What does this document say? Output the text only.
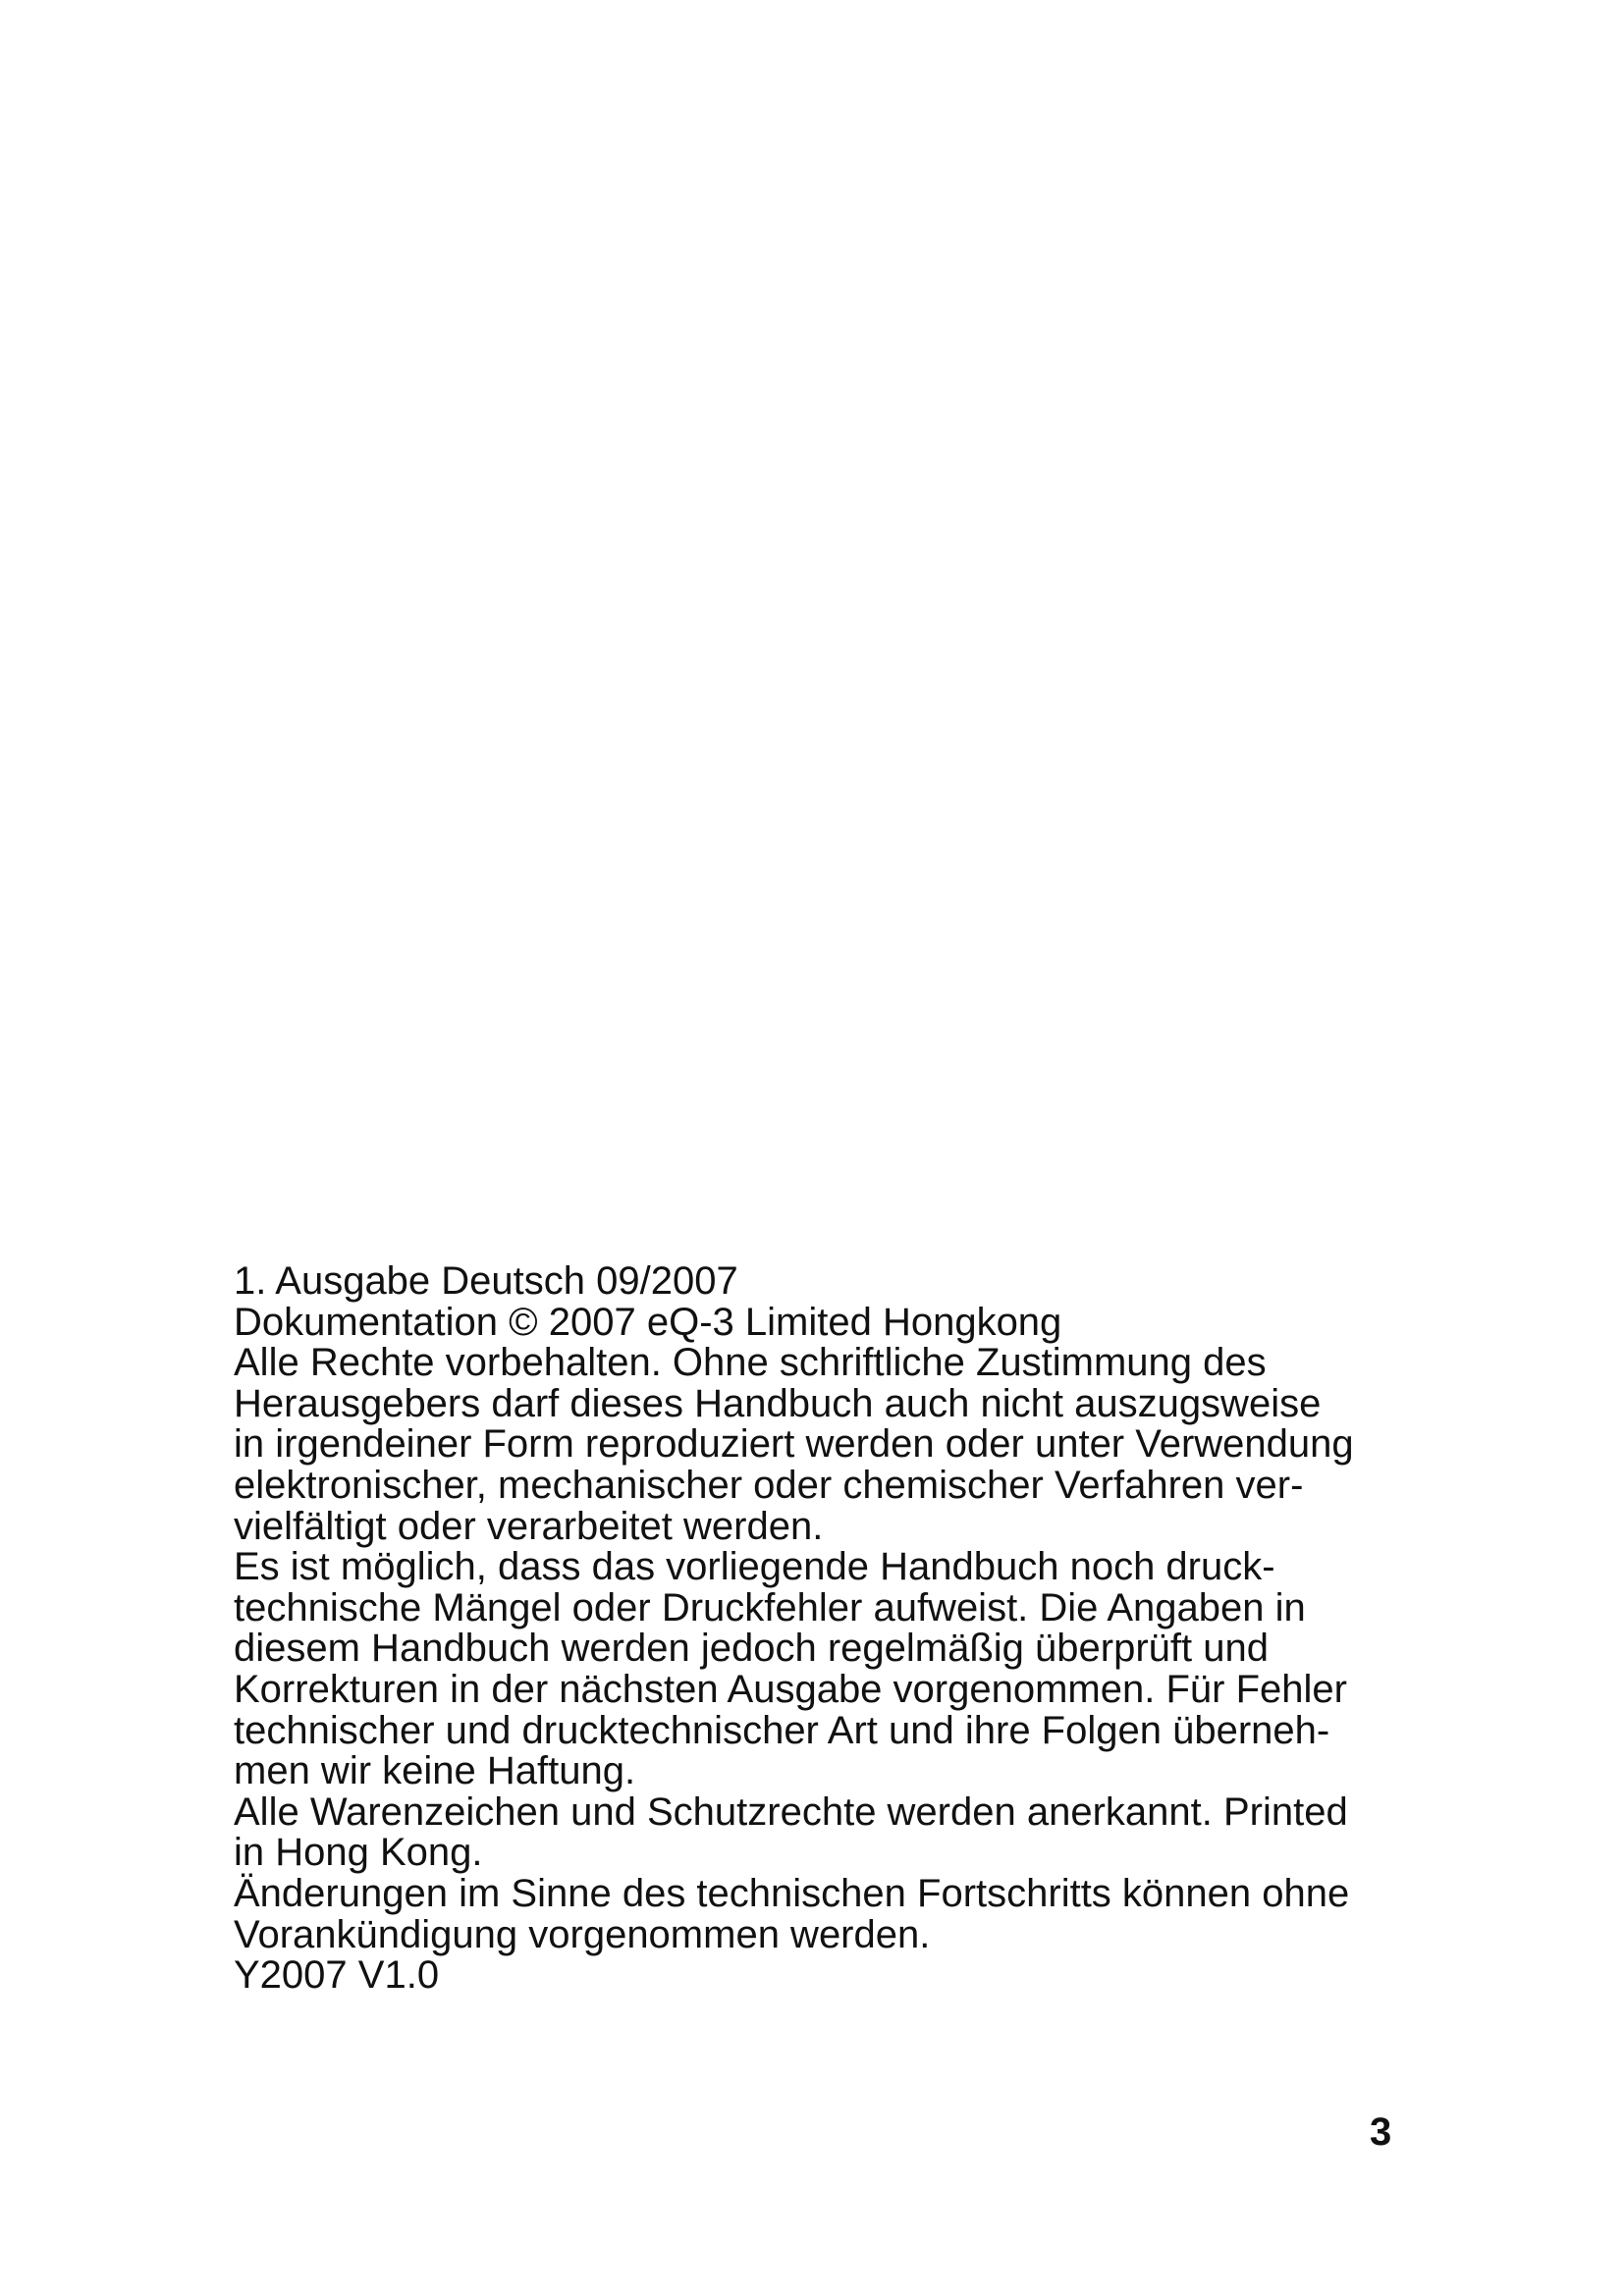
1. Ausgabe Deutsch 09/2007
Dokumentation © 2007 eQ-3 Limited Hongkong
Alle Rechte vorbehalten. Ohne schriftliche Zustimmung des
Herausgebers darf dieses Handbuch auch nicht auszugsweise
in irgendeiner Form reproduziert werden oder unter Verwendung
elektronischer, mechanischer oder chemischer Verfahren ver-
vielfältigt oder verarbeitet werden.
Es ist möglich, dass das vorliegende Handbuch noch druck-
technische Mängel oder Druckfehler aufweist. Die Angaben in
diesem Handbuch werden jedoch regelmäßig überprüft und
Korrekturen in der nächsten Ausgabe vorgenommen. Für Fehler
technischer und drucktechnischer Art und ihre Folgen überneh-
men wir keine Haftung.
Alle Warenzeichen und Schutzrechte werden anerkannt. Printed
in Hong Kong.
Änderungen im Sinne des technischen Fortschritts können ohne
Vorankündigung vorgenommen werden.
Y2007 V1.0
3
